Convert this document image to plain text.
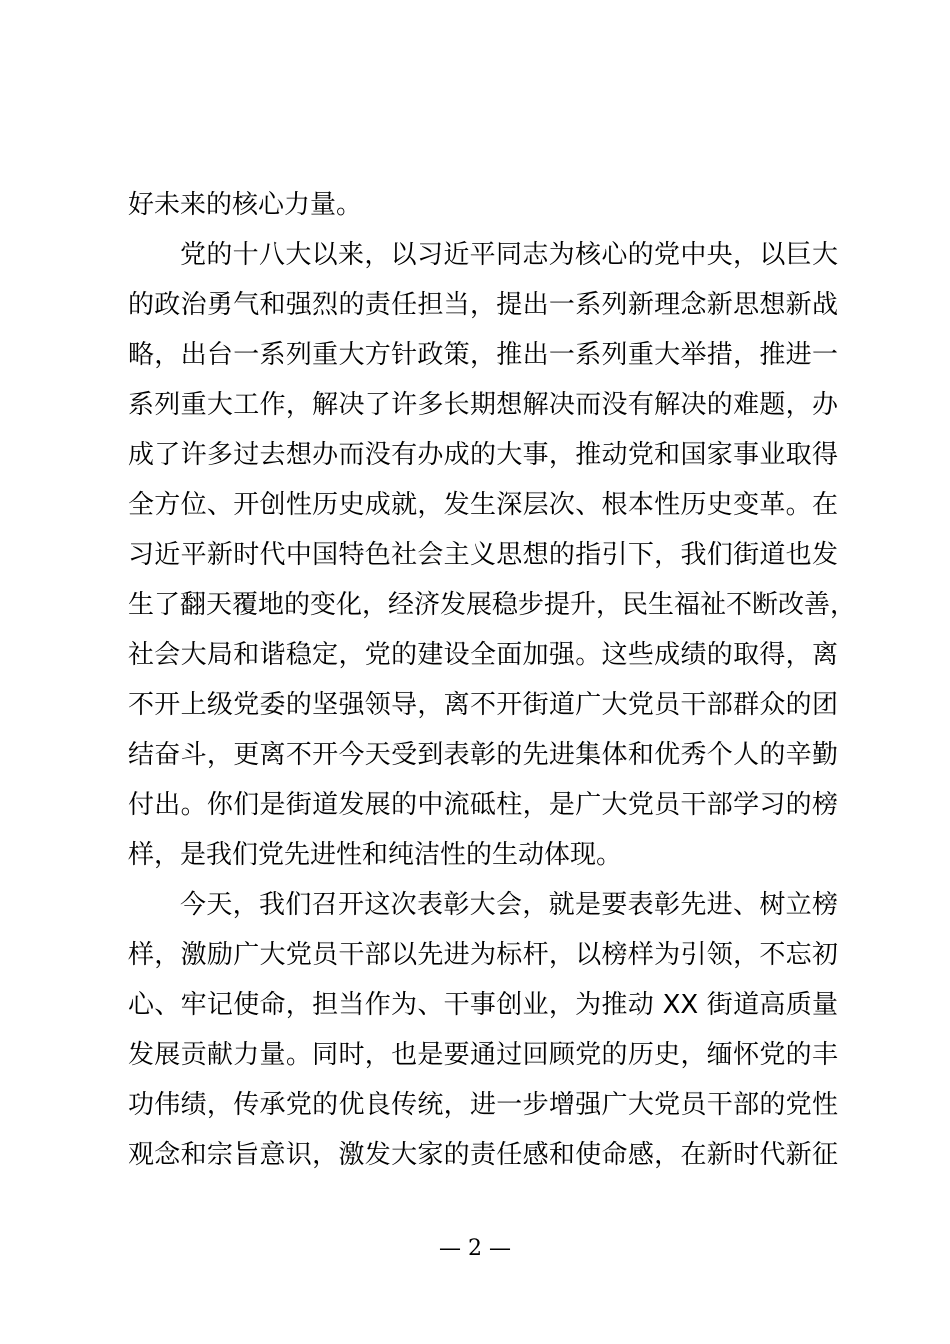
好未来的核心力量。
党的十八大以来，以习近平同志为核心的党中央，以巨大
的政治勇气和强烈的责任担当，提出一系列新理念新思想新战
略，出台一系列重大方针政策，推出一系列重大举措，推进一
系列重大工作，解决了许多长期想解决而没有解决的难题，办
成了许多过去想办而没有办成的大事，推动党和国家事业取得
全方位、开创性历史成就，发生深层次、根本性历史变革。在
习近平新时代中国特色社会主义思想的指引下，我们街道也发
生了翻天覆地的变化，经济发展稳步提升，民生福祉不断改善，
社会大局和谐稳定，党的建设全面加强。这些成绩的取得，离
不开上级党委的坚强领导，离不开街道广大党员干部群众的团
结奋斗，更离不开今天受到表彰的先进集体和优秀个人的辛勤
付出。你们是街道发展的中流砥柱，是广大党员干部学习的榜
样，是我们党先进性和纯洁性的生动体现。
今天，我们召开这次表彰大会，就是要表彰先进、树立榜
样，激励广大党员干部以先进为标杆，以榜样为引领，不忘初
心、牢记使命，担当作为、干事创业，为推动 XX 街道高质量
发展贡献力量。同时，也是要通过回顾党的历史，缅怀党的丰
功伟绩，传承党的优良传统，进一步增强广大党员干部的党性
观念和宗旨意识，激发大家的责任感和使命感，在新时代新征
— 2 —
